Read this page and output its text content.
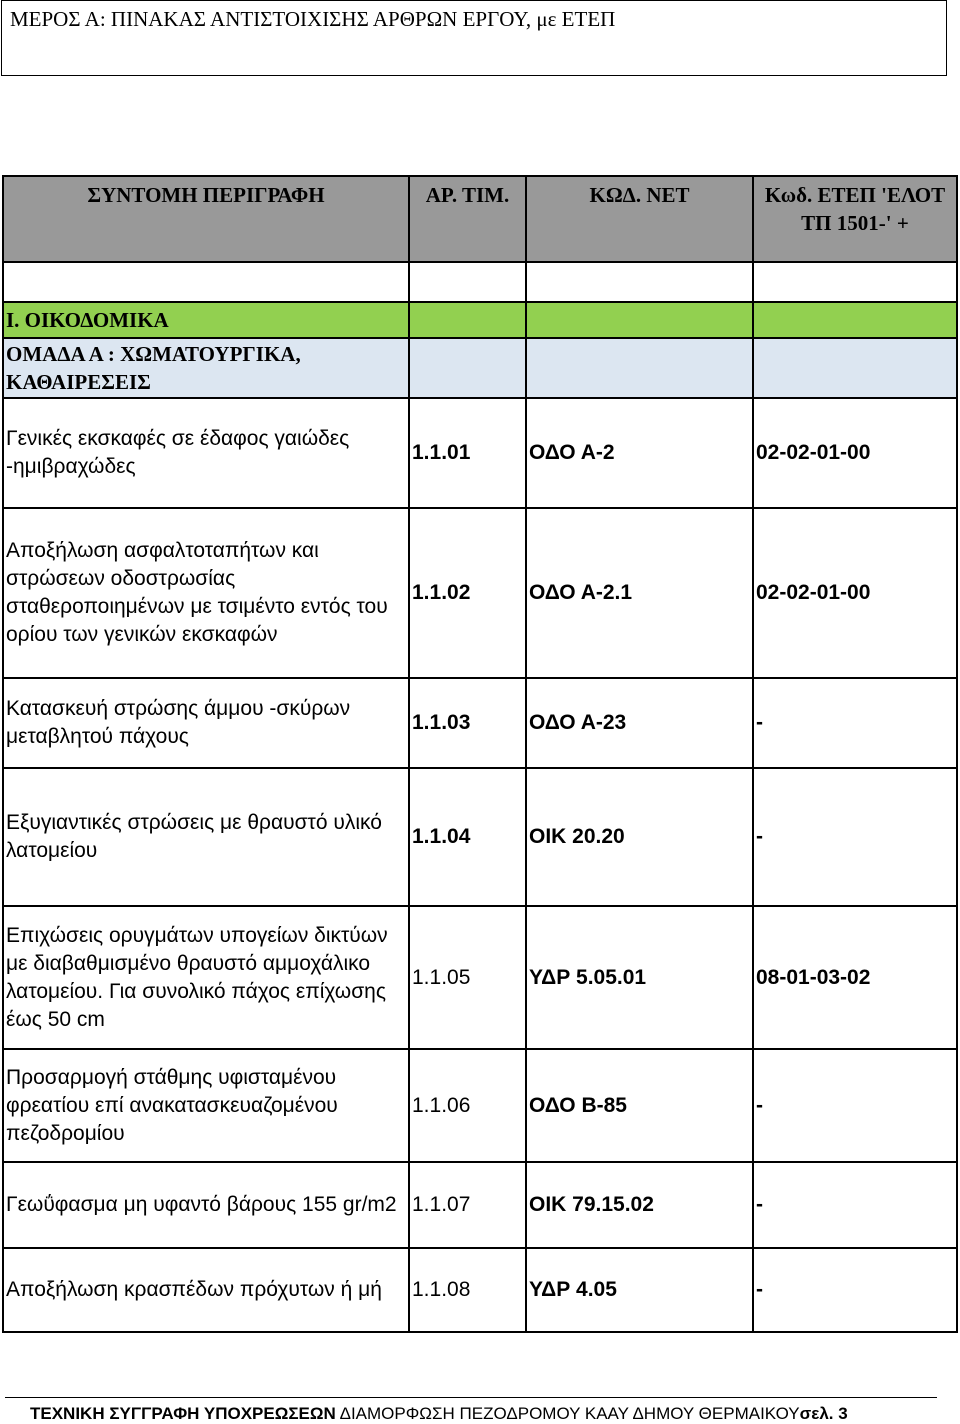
ΜΕΡΟΣ Α: ΠΙΝΑΚΑΣ ΑΝΤΙΣΤΟΙΧΙΣΗΣ ΑΡΘΡΩΝ ΕΡΓΟΥ, με ΕΤΕΠ
ΣΥΝΤΟΜΗ ΠΕΡΙΓΡΑΦΗ	ΑΡ. ΤΙΜ.	ΚΩΔ. ΝΕΤ	Κωδ. ΕΤΕΠ 'ΕΛΟΤ ΤΠ 1501-' +

Ι. ΟΙΚΟΔΟΜΙΚΑ			
ΟΜΑΔΑ Α : ΧΩΜΑΤΟΥΡΓΙΚΑ, ΚΑΘΑΙΡΕΣΕΙΣ			
Γενικές εκσκαφές σε έδαφος γαιώδες -ημιβραχώδες	1.1.01	ΟΔΟ Α-2	02-02-01-00
Αποξήλωση ασφαλτοταπήτων και στρώσεων οδοστρωσίας σταθεροποιημένων με τσιμέντο εντός του ορίου των γενικών εκσκαφών	1.1.02	ΟΔΟ Α-2.1	02-02-01-00
Κατασκευή στρώσης άμμου -σκύρων μεταβλητού πάχους	1.1.03	ΟΔΟ Α-23	-
Εξυγιαντικές στρώσεις με θραυστό υλικό λατομείου	1.1.04	ΟΙΚ 20.20	-
Επιχώσεις ορυγμάτων υπογείων δικτύων με διαβαθμισμένο θραυστό αμμοχάλικο λατομείου. Για συνολικό πάχος επίχωσης έως 50 cm	1.1.05	ΥΔΡ 5.05.01	08-01-03-02
Προσαρμογή στάθμης υφισταμένου φρεατίου επί ανακατασκευαζομένου πεζοδρομίου	1.1.06	ΟΔΟ Β-85	-
Γεωΰφασμα μη υφαντό βάρους 155 gr/m2	1.1.07	ΟΙΚ 79.15.02	-
Αποξήλωση κρασπέδων πρόχυτων ή μή	1.1.08	ΥΔΡ 4.05	-
ΤΕΧΝΙΚΗ ΣΥΓΓΡΑΦΗ ΥΠΟΧΡΕΩΣΕΩΝ ΔΙΑΜΟΡΦΩΣΗ ΠΕΖΟΔΡΟΜΟΥ ΚΑΑΥ ΔΗΜΟΥ ΘΕΡΜΑΙΚΟΥσελ. 3
